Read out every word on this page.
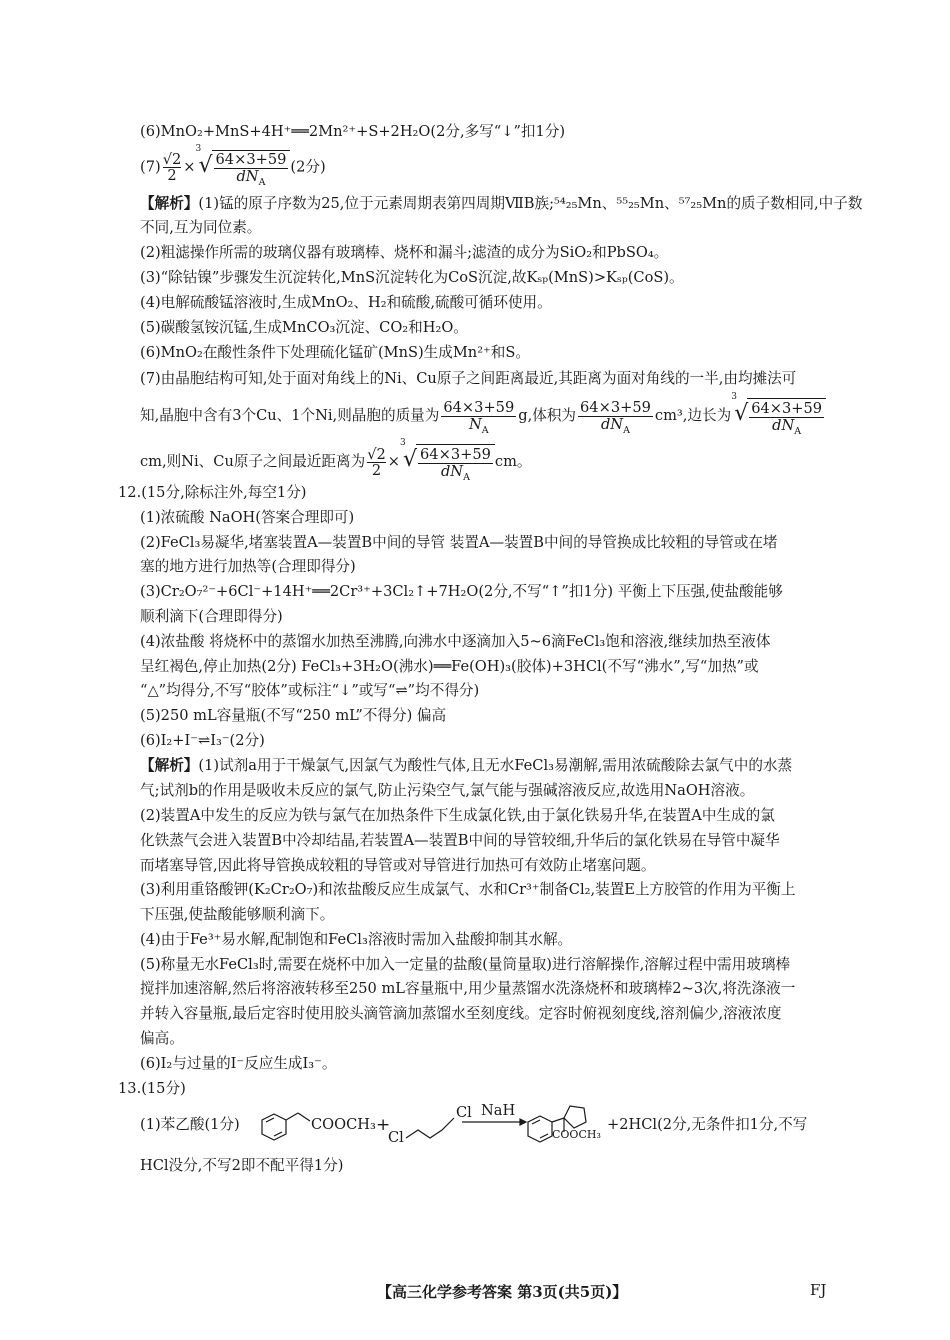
(6)MnO₂+MnS+4H⁺══2Mn²⁺+S+2H₂O(2分,多写“↓”扣1分)
$(7) \frac{√2}{2}$ ×
3
√ $\frac{64\times 3+59}{dN_A} (2$分)
【解析】(1)锰的原子序数为25,位于元素周期表第四周期ⅦB族;⁵⁴₂₅Mn、⁵⁵₂₅Mn、⁵⁷₂₅Mn的质子数相同,中子数
不同,互为同位素。
(2)粗滤操作所需的玻璃仪器有玻璃棒、烧杯和漏斗;滤渣的成分为SiO₂和PbSO₄。
(3)“除钴镍”步骤发生沉淀转化,MnS沉淀转化为CoS沉淀,故Kₛₚ(MnS)>Kₛₚ(CoS)。
(4)电解硫酸锰溶液时,生成MnO₂、H₂和硫酸,硫酸可循环使用。
(5)碳酸氢铵沉锰,生成MnCO₃沉淀、CO₂和H₂O。
(6)MnO₂在酸性条件下处理硫化锰矿(MnS)生成Mn²⁺和S。
(7)由晶胞结构可知,处于面对角线上的Ni、Cu原子之间距离最近,其距离为面对角线的一半,由均摊法可
知,晶胞中含有3个Cu、1个Ni,则晶胞的质量为 $\frac{64\times 3+59}{N_A} g$,体积为 $\frac{64\times 3+59}{dN_A} cm^3$,边长为
3
√ $\frac{64\times 3+59}{dN_A}$
cm,则Ni、Cu原子之间最近距离为 $\frac{√2}{2}$ ×
3
√ $\frac{64\times 3+59}{dN_A}$ cm。
12.(15分,除标注外,每空1分)
(1)浓硫酸 NaOH(答案合理即可)
(2)FeCl₃易凝华,堵塞装置A—装置B中间的导管 装置A—装置B中间的导管换成比较粗的导管或在堵
塞的地方进行加热等(合理即得分)
(3)Cr₂O₇²⁻+6Cl⁻+14H⁺══2Cr³⁺+3Cl₂↑+7H₂O(2分,不写“↑”扣1分) 平衡上下压强,使盐酸能够
顺利滴下(合理即得分)
(4)浓盐酸 将烧杯中的蒸馏水加热至沸腾,向沸水中逐滴加入5~6滴FeCl₃饱和溶液,继续加热至液体
呈红褐色,停止加热(2分) FeCl₃+3H₂O(沸水)══Fe(OH)₃(胶体)+3HCl(不写“沸水”,写“加热”或
“△”均得分,不写“胶体”或标注“↓”或写“⇌”均不得分)
(5)250 mL容量瓶(不写“250 mL”不得分) 偏高
(6)I₂+I⁻⇌I₃⁻(2分)
【解析】(1)试剂a用于干燥氯气,因氯气为酸性气体,且无水FeCl₃易潮解,需用浓硫酸除去氯气中的水蒸
气;试剂b的作用是吸收未反应的氯气,防止污染空气,氯气能与强碱溶液反应,故选用NaOH溶液。
(2)装置A中发生的反应为铁与氯气在加热条件下生成氯化铁,由于氯化铁易升华,在装置A中生成的氯
化铁蒸气会进入装置B中冷却结晶,若装置A—装置B中间的导管较细,升华后的氯化铁易在导管中凝华
而堵塞导管,因此将导管换成较粗的导管或对导管进行加热可有效防止堵塞问题。
(3)利用重铬酸钾(K₂Cr₂O₇)和浓盐酸反应生成氯气、水和Cr³⁺制备Cl₂,装置E上方胶管的作用为平衡上
下压强,使盐酸能够顺利滴下。
(4)由于Fe³⁺易水解,配制饱和FeCl₃溶液时需加入盐酸抑制其水解。
(5)称量无水FeCl₃时,需要在烧杯中加入一定量的盐酸(量筒量取)进行溶解操作,溶解过程中需用玻璃棒
搅拌加速溶解,然后将溶液转移至250 mL容量瓶中,用少量蒸馏水洗涤烧杯和玻璃棒2~3次,将洗涤液一
并转入容量瓶,最后定容时使用胶头滴管滴加蒸馏水至刻度线。定容时俯视刻度线,溶剂偏少,溶液浓度
偏高。
(6)I₂与过量的I⁻反应生成I₃⁻。
13.(15分)
(1)苯乙酸(1分)	COOCH₃ +
Cl
Cl
NaH
COOCH₃
+2HCl(2分,无条件扣1分,不写
HCl没分,不写2即不配平得1分)
【高三化学参考答案 第3页(共5页)】	FJ
